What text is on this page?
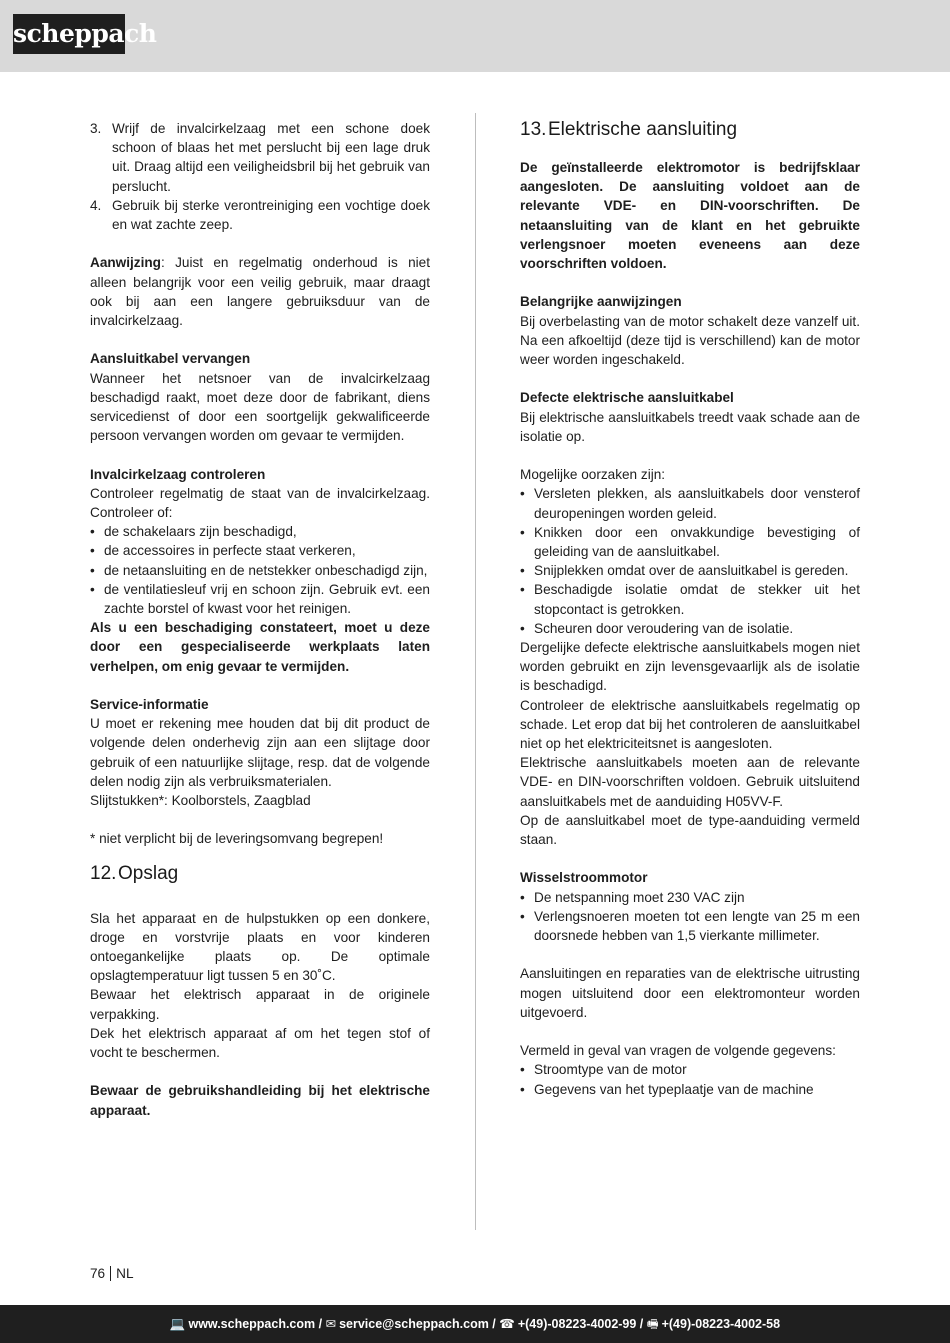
scheppach
3. Wrijf de invalcirkelzaag met een schone doek schoon of blaas het met perslucht bij een lage druk uit. Draag altijd een veiligheidsbril bij het gebruik van perslucht.
4. Gebruik bij sterke verontreiniging een vochtige doek en wat zachte zeep.

Aanwijzing: Juist en regelmatig onderhoud is niet alleen belangrijk voor een veilig gebruik, maar draagt ook bij aan een langere gebruiksduur van de invalcirkelzaag.

Aansluitkabel vervangen

Wanneer het netsnoer van de invalcirkelzaag beschadigd raakt, moet deze door de fabrikant, diens servicedienst of door een soortgelijk gekwalificeerde persoon vervangen worden om gevaar te vermijden.

Invalcirkelzaag controleren

Controleer regelmatig de staat van de invalcirkelzaag. Controleer of:

• de schakelaars zijn beschadigd,
• de accessoires in perfecte staat verkeren,
• de netaansluiting en de netstekker onbeschadigd zijn,
• de ventilatiesleuf vrij en schoon zijn. Gebruik evt. een zachte borstel of kwast voor het reinigen.

Als u een beschadiging constateert, moet u deze door een gespecialiseerde werkplaats laten verhelpen, om enig gevaar te vermijden.

Service-informatie

U moet er rekening mee houden dat bij dit product de volgende delen onderhevig zijn aan een slijtage door gebruik of een natuurlijke slijtage, resp. dat de volgende delen nodig zijn als verbruiksmaterialen.

Slijtstukken*: Koolborstels, Zaagblad

* niet verplicht bij de leveringsomvang begrepen!

12.Opslag

Sla het apparaat en de hulpstukken op een donkere, droge en vorstvrije plaats en voor kinderen ontoegankelijke plaats op. De optimale opslagtemperatuur ligt tussen 5 en 30˚C.

Bewaar het elektrisch apparaat in de originele verpakking.

Dek het elektrisch apparaat af om het tegen stof of vocht te beschermen.

Bewaar de gebruikshandleiding bij het elektrische apparaat.

13.Elektrische aansluiting

De geïnstalleerde elektromotor is bedrijfsklaar aangesloten. De aansluiting voldoet aan de relevante VDE- en DIN-voorschriften. De netaansluiting van de klant en het gebruikte verlengsnoer moeten eveneens aan deze voorschriften voldoen.

Belangrijke aanwijzingen

Bij overbelasting van de motor schakelt deze vanzelf uit. Na een afkoeltijd (deze tijd is verschillend) kan de motor weer worden ingeschakeld.

Defecte elektrische aansluitkabel

Bij elektrische aansluitkabels treedt vaak schade aan de isolatie op.

Mogelijke oorzaken zijn:

• Versleten plekken, als aansluitkabels door vensterof deuropeningen worden geleid.
• Knikken door een onvakkundige bevestiging of geleiding van de aansluitkabel.
• Snijplekken omdat over de aansluitkabel is gereden.
• Beschadigde isolatie omdat de stekker uit het stopcontact is getrokken.
• Scheuren door veroudering van de isolatie.

Dergelijke defecte elektrische aansluitkabels mogen niet worden gebruikt en zijn levensgevaarlijk als de isolatie is beschadigd.

Controleer de elektrische aansluitkabels regelmatig op schade. Let erop dat bij het controleren de aansluitkabel niet op het elektriciteitsnet is aangesloten.

Elektrische aansluitkabels moeten aan de relevante VDE- en DIN-voorschriften voldoen. Gebruik uitsluitend aansluitkabels met de aanduiding H05VV-F.

Op de aansluitkabel moet de type-aanduiding vermeld staan.

Wisselstroommotor

• De netspanning moet 230 VAC zijn
• Verlengsnoeren moeten tot een lengte van 25 m een doorsnede hebben van 1,5 vierkante millimeter.

Aansluitingen en reparaties van de elektrische uitrusting mogen uitsluitend door een elektromonteur worden uitgevoerd.

Vermeld in geval van vragen de volgende gegevens:

• Stroomtype van de motor
• Gegevens van het typeplaatje van de machine
76 NL
💻 www.scheppach.com / ✉ service@scheppach.com / ☎ +(49)-08223-4002-99 / 🖷 +(49)-08223-4002-58
